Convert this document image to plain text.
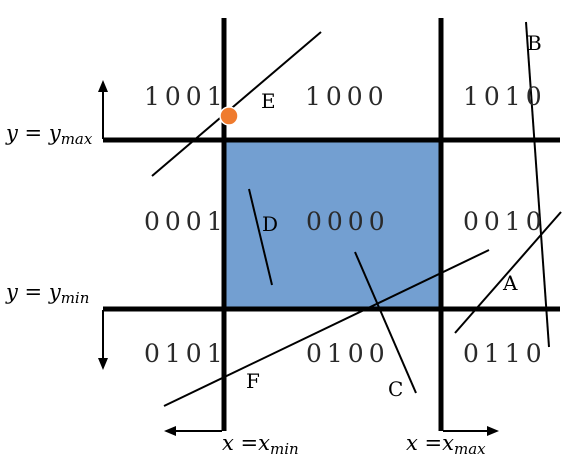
1001	1000	1010
0001	0000	0010
0101	0100	0110
E
D
C
F
A
B
y = ymax
y = ymin
x =xmin	x =xmax
